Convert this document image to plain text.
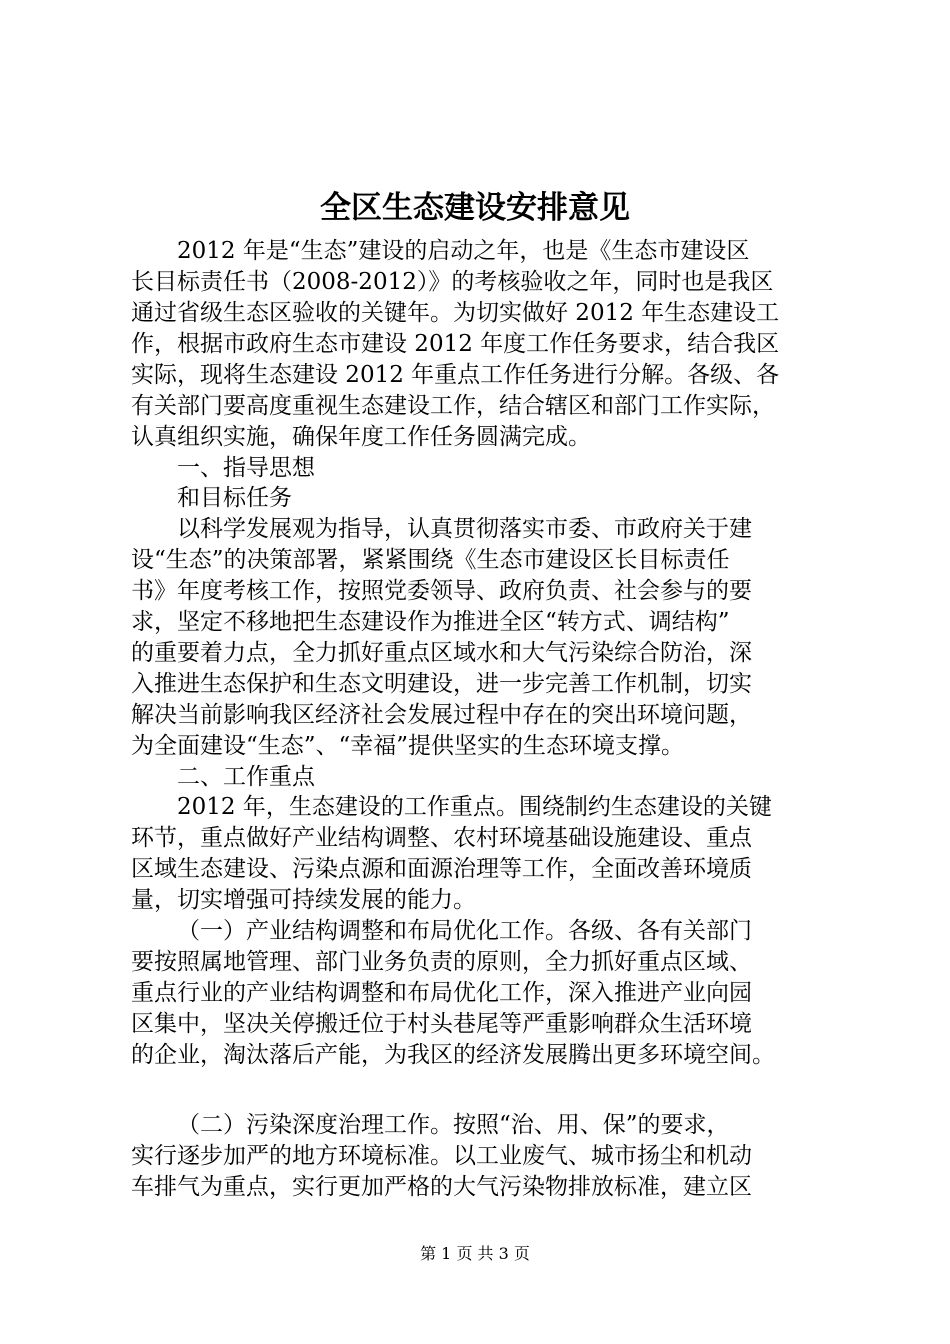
全区生态建设安排意见
2012 年是“生态”建设的启动之年，也是《生态市建设区
长目标责任书（2008-2012）》的考核验收之年，同时也是我区
通过省级生态区验收的关键年。为切实做好 2012 年生态建设工
作，根据市政府生态市建设 2012 年度工作任务要求，结合我区
实际，现将生态建设 2012 年重点工作任务进行分解。各级、各
有关部门要高度重视生态建设工作，结合辖区和部门工作实际，
认真组织实施，确保年度工作任务圆满完成。
一、指导思想
和目标任务
以科学发展观为指导，认真贯彻落实市委、市政府关于建
设“生态”的决策部署，紧紧围绕《生态市建设区长目标责任
书》年度考核工作，按照党委领导、政府负责、社会参与的要
求，坚定不移地把生态建设作为推进全区“转方式、调结构”
的重要着力点，全力抓好重点区域水和大气污染综合防治，深
入推进生态保护和生态文明建设，进一步完善工作机制，切实
解决当前影响我区经济社会发展过程中存在的突出环境问题，
为全面建设“生态”、“幸福”提供坚实的生态环境支撑。
二、工作重点
2012 年，生态建设的工作重点。围绕制约生态建设的关键
环节，重点做好产业结构调整、农村环境基础设施建设、重点
区域生态建设、污染点源和面源治理等工作，全面改善环境质
量，切实增强可持续发展的能力。
（一）产业结构调整和布局优化工作。各级、各有关部门
要按照属地管理、部门业务负责的原则，全力抓好重点区域、
重点行业的产业结构调整和布局优化工作，深入推进产业向园
区集中，坚决关停搬迁位于村头巷尾等严重影响群众生活环境
的企业，淘汰落后产能，为我区的经济发展腾出更多环境空间。
（二）污染深度治理工作。按照“治、用、保”的要求，
实行逐步加严的地方环境标准。以工业废气、城市扬尘和机动
车排气为重点，实行更加严格的大气污染物排放标准，建立区
第 1 页 共 3 页
